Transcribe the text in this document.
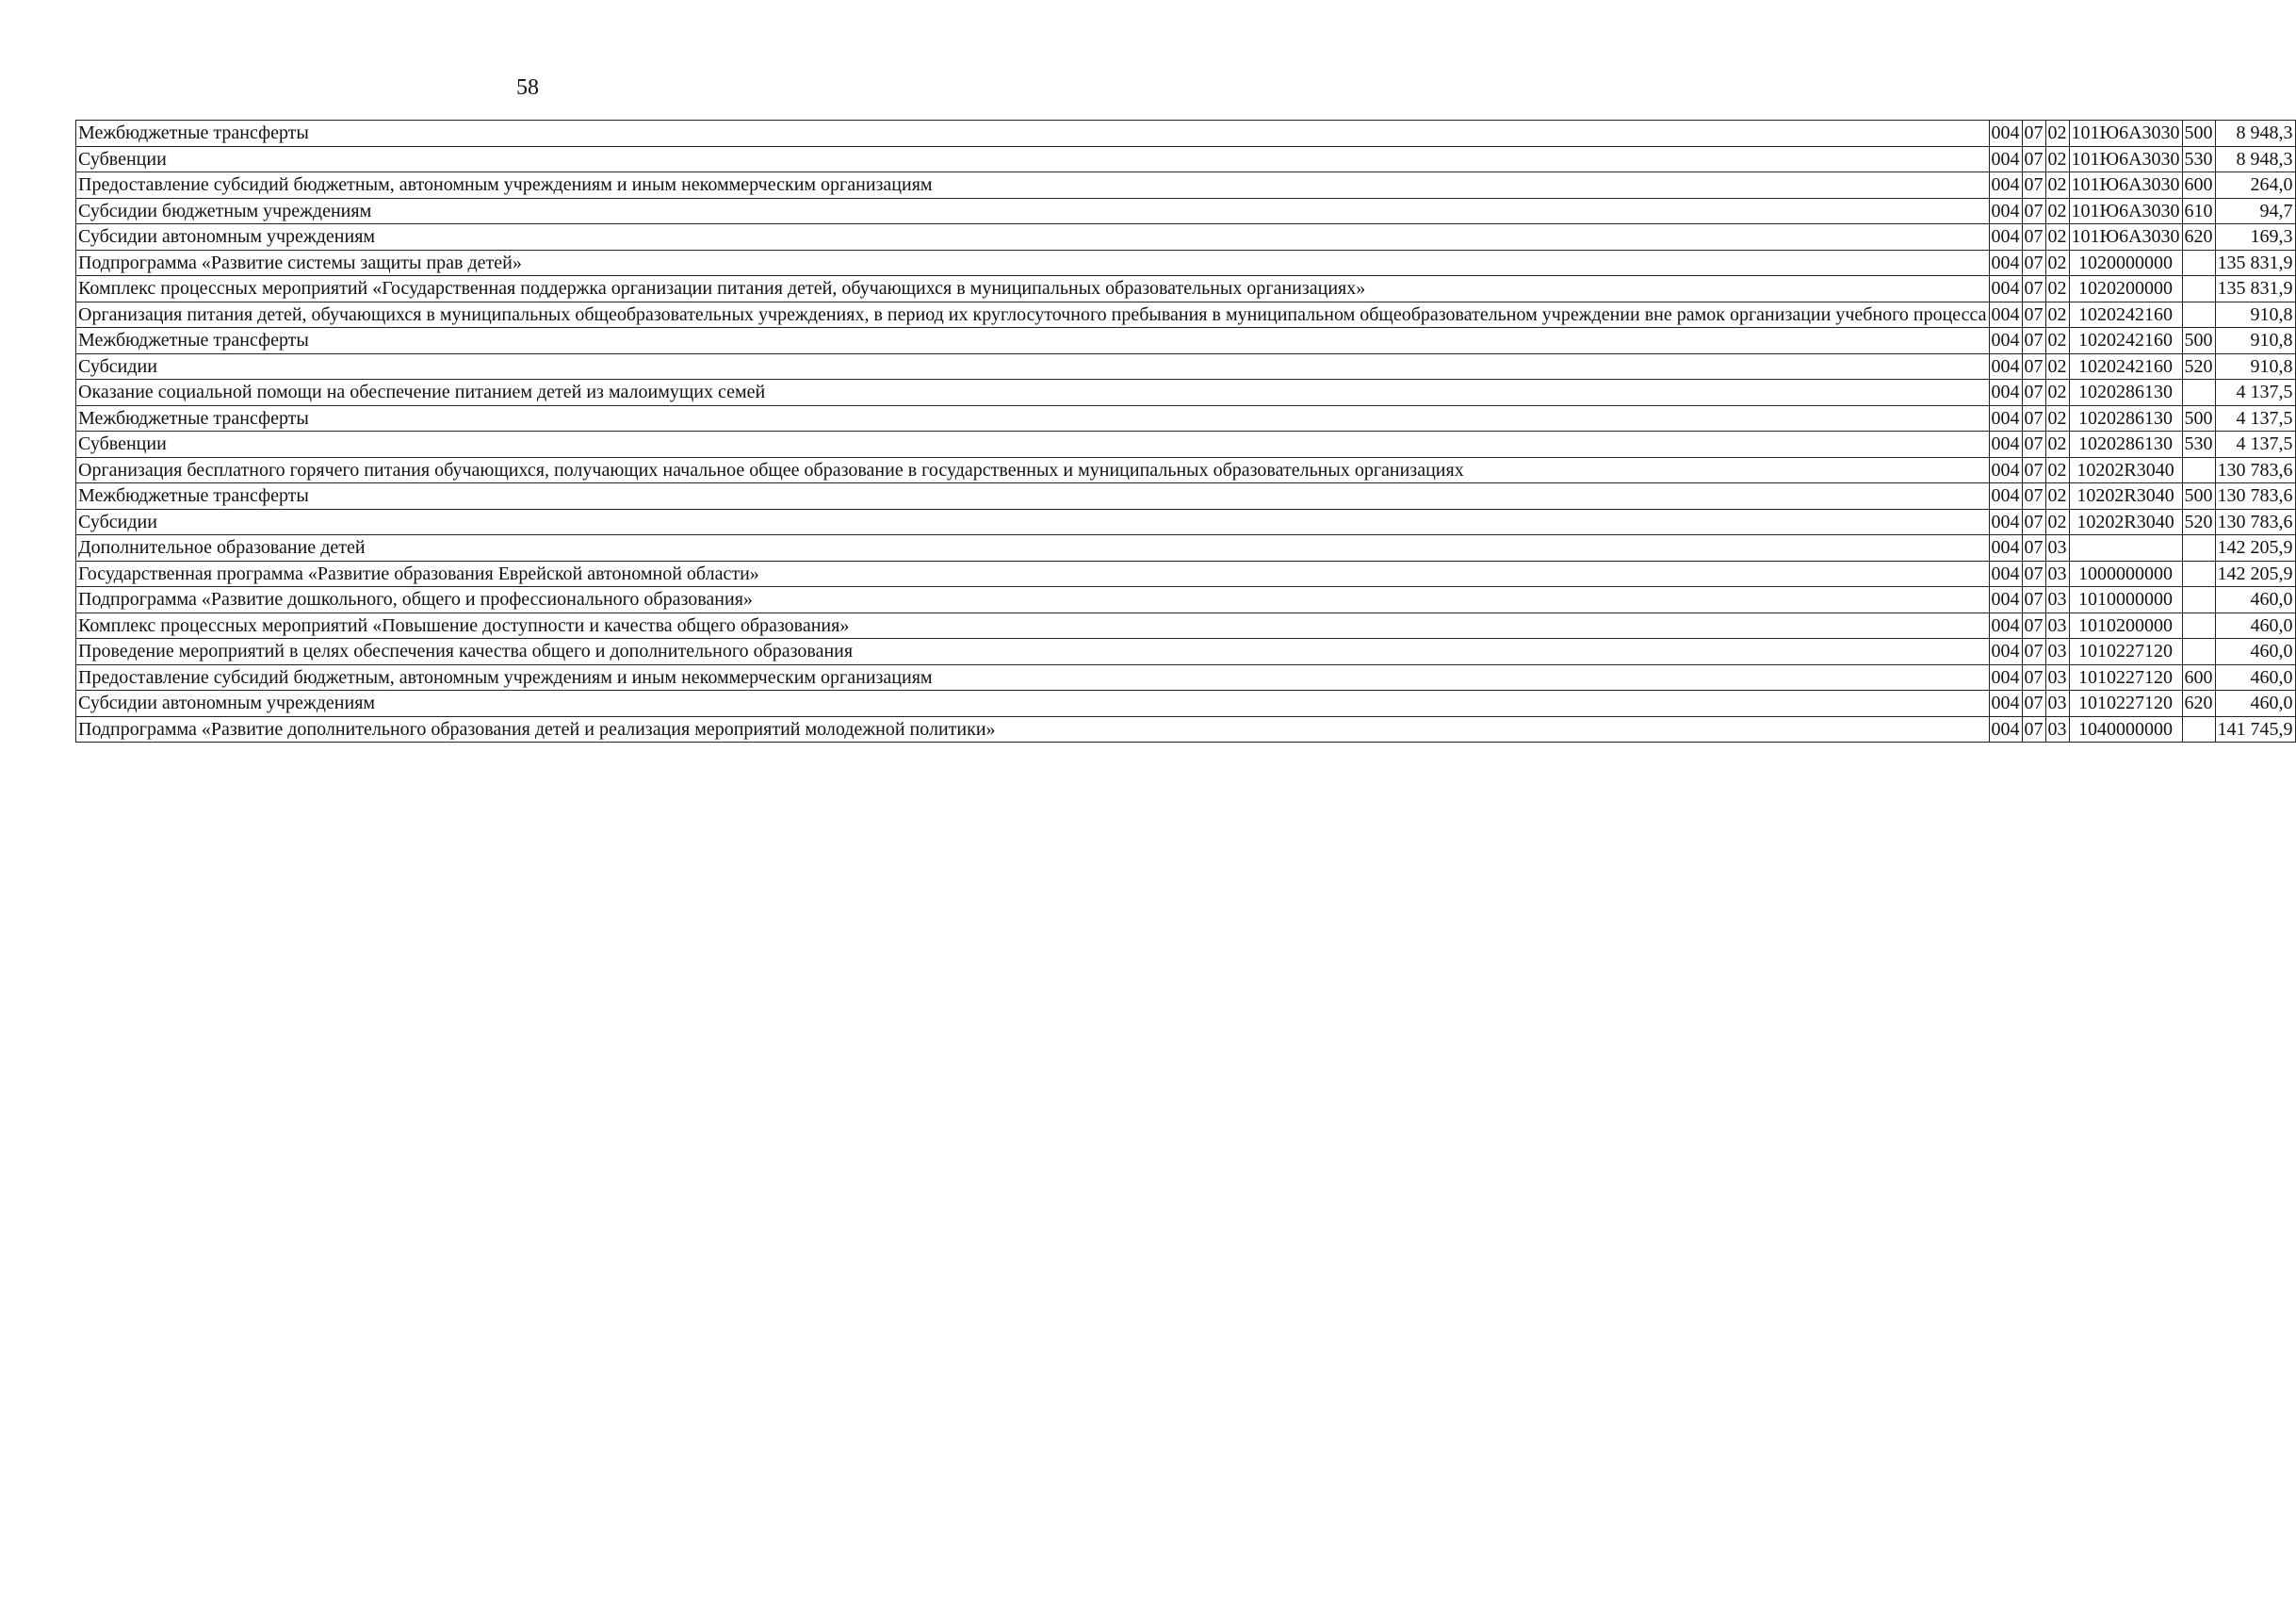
58
Межбюджетные трансферты	004	07	02	101Ю6А3030	500	8 948,3
Субвенции	004	07	02	101Ю6А3030	530	8 948,3
Предоставление субсидий бюджетным, автономным учреждениям и иным некоммерческим организациям	004	07	02	101Ю6А3030	600	264,0
Субсидии бюджетным учреждениям	004	07	02	101Ю6А3030	610	94,7
Субсидии автономным учреждениям	004	07	02	101Ю6А3030	620	169,3
Подпрограмма «Развитие системы защиты прав детей»	004	07	02	1020000000		135 831,9
Комплекс процессных мероприятий «Государственная поддержка организации питания детей, обучающихся в муниципальных образовательных организациях»	004	07	02	1020200000		135 831,9
Организация питания детей, обучающихся в муниципальных общеобразовательных учреждениях, в период их круглосуточного пребывания в муниципальном общеобразовательном учреждении вне рамок организации учебного процесса	004	07	02	1020242160		910,8
Межбюджетные трансферты	004	07	02	1020242160	500	910,8
Субсидии	004	07	02	1020242160	520	910,8
Оказание социальной помощи на обеспечение питанием детей из малоимущих семей	004	07	02	1020286130		4 137,5
Межбюджетные трансферты	004	07	02	1020286130	500	4 137,5
Субвенции	004	07	02	1020286130	530	4 137,5
Организация бесплатного горячего питания обучающихся, получающих начальное общее образование в государственных и муниципальных образовательных организациях	004	07	02	10202R3040		130 783,6
Межбюджетные трансферты	004	07	02	10202R3040	500	130 783,6
Субсидии	004	07	02	10202R3040	520	130 783,6
Дополнительное образование детей	004	07	03			142 205,9
Государственная программа «Развитие образования Еврейской автономной области»	004	07	03	1000000000		142 205,9
Подпрограмма «Развитие дошкольного, общего и профессионального образования»	004	07	03	1010000000		460,0
Комплекс процессных мероприятий «Повышение доступности и качества общего образования»	004	07	03	1010200000		460,0
Проведение мероприятий в целях обеспечения качества общего и дополнительного образования	004	07	03	1010227120		460,0
Предоставление субсидий бюджетным, автономным учреждениям и иным некоммерческим организациям	004	07	03	1010227120	600	460,0
Субсидии автономным учреждениям	004	07	03	1010227120	620	460,0
Подпрограмма «Развитие дополнительного образования детей и реализация мероприятий молодежной политики»	004	07	03	1040000000		141 745,9
